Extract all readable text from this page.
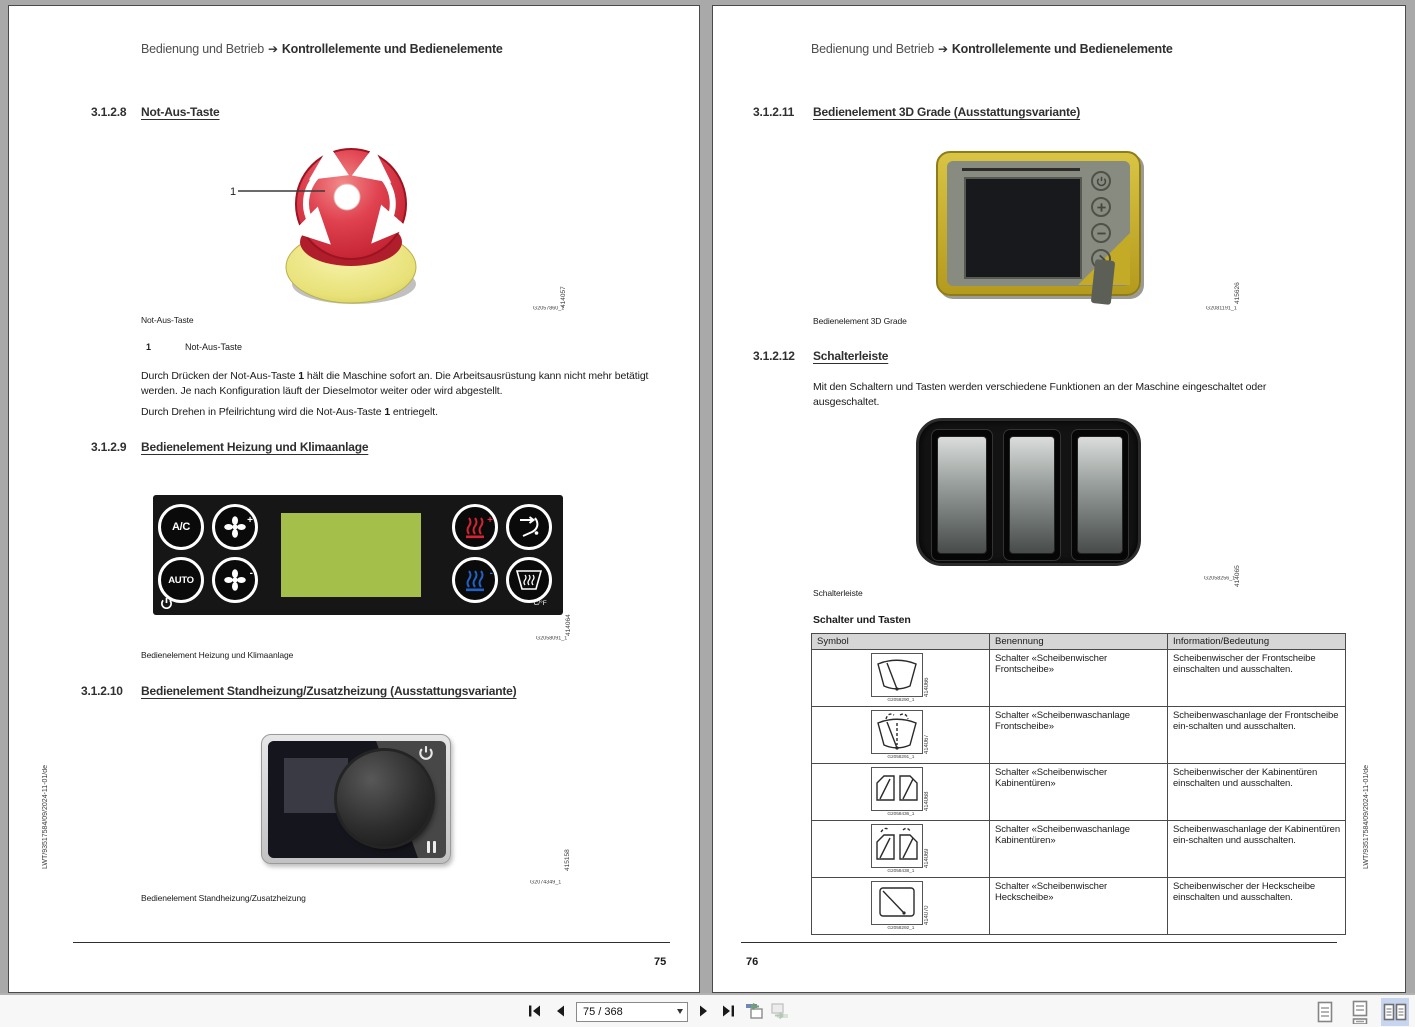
Bedienung und Betrieb ➔ Kontrollelemente und Bedienelemente
3.1.2.8 Not-Aus-Taste
1
414057
G2057860_1
Not-Aus-Taste
1	Not-Aus-Taste
Durch Drücken der Not-Aus-Taste 1 hält die Maschine sofort an. Die Arbeitsausrüstung kann nicht mehr betätigt werden. Je nach Konfiguration läuft der Dieselmotor weiter oder wird abgestellt.
Durch Drehen in Pfeilrichtung wird die Not-Aus-Taste 1 entriegelt.
3.1.2.9 Bedienelement Heizung und Klimaanlage
A/C
+
AUTO
-
+
-
°C/°F
414064
G2058091_1
Bedienelement Heizung und Klimaanlage
3.1.2.10 Bedienelement Standheizung/Zusatzheizung (Ausstattungsvariante)
415158
G2074349_1
Bedienelement Standheizung/Zusatzheizung
75
LWT/93517584/09/2024-11-01/de
Bedienung und Betrieb ➔ Kontrollelemente und Bedienelemente
3.1.2.11 Bedienelement 3D Grade (Ausstattungsvariante)
415626
G2081191_1
Bedienelement 3D Grade
3.1.2.12 Schalterleiste
Mit den Schaltern und Tasten werden verschiedene Funktionen an der Maschine eingeschaltet oder ausgeschaltet.
414065
G2058256_1
Schalterleiste
Schalter und Tasten
Symbol	Benennung	Information/Bedeutung

414066
G2058290_1	Schalter «Scheibenwischer Frontscheibe»	Scheibenwischer der Frontscheibe einschalten und ausschalten.

414067
G2058291_1	Schalter «Scheibenwaschanlage Frontscheibe»	Scheibenwaschanlage der Frontscheibe ein-schalten und ausschalten.

414068
G2058436_1	Schalter «Scheibenwischer Kabinentüren»	Scheibenwischer der Kabinentüren einschalten und ausschalten.

414069
G2058438_1	Schalter «Scheibenwaschanlage Kabinentüren»	Scheibenwaschanlage der Kabinentüren ein-schalten und ausschalten.

414070
G2058292_1	Schalter «Scheibenwischer Heckscheibe»	Scheibenwischer der Heckscheibe einschalten und ausschalten.
76
LWT/93517584/09/2024-11-01/de
75 / 368
